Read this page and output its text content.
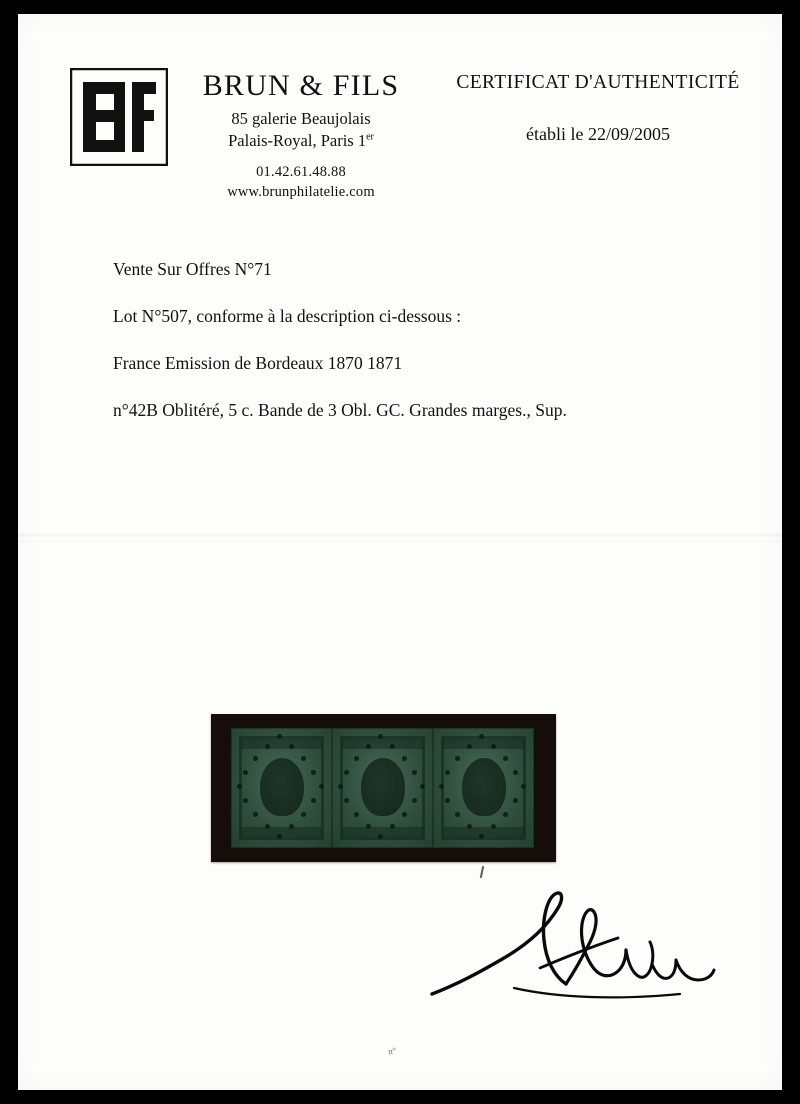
BRUN & FILS
85 galerie Beaujolais
Palais-Royal, Paris 1er
01.42.61.48.88
www.brunphilatelie.com
CERTIFICAT D'AUTHENTICITÉ
établi le 22/09/2005

Vente Sur Offres N°71

Lot N°507, conforme à la description ci-dessous :

France Emission de Bordeaux 1870 1871

n°42B Oblitéré, 5 c. Bande de 3 Obl. GC. Grandes marges., Sup.

n°
